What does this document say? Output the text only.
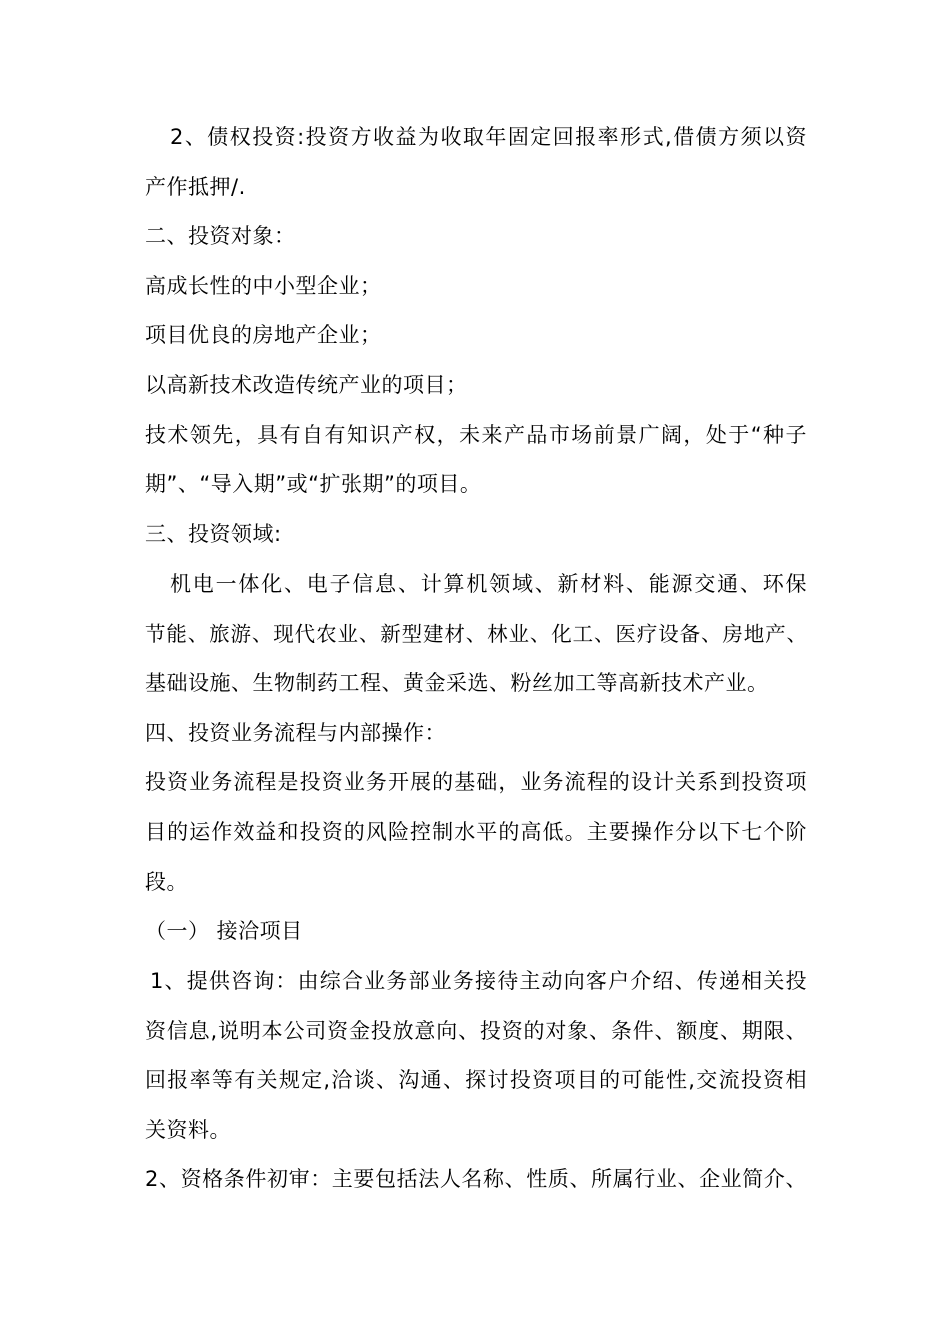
2、债权投资:投资方收益为收取年固定回报率形式,借债方须以资
产作抵押/.
二、投资对象：
高成长性的中小型企业；
项目优良的房地产企业；
以高新技术改造传统产业的项目；
技术领先，具有自有知识产权，未来产品市场前景广阔，处于“种子
期”、“导入期”或“扩张期”的项目。
三、投资领域:
机电一体化、电子信息、计算机领域、新材料、能源交通、环保
节能、旅游、现代农业、新型建材、林业、化工、医疗设备、房地产、
基础设施、生物制药工程、黄金采选、粉丝加工等高新技术产业。
四、投资业务流程与内部操作：
投资业务流程是投资业务开展的基础，业务流程的设计关系到投资项
目的运作效益和投资的风险控制水平的高低。主要操作分以下七个阶
段。
（一） 接洽项目
1、提供咨询：由综合业务部业务接待主动向客户介绍、传递相关投
资信息,说明本公司资金投放意向、投资的对象、条件、额度、期限、
回报率等有关规定,洽谈、沟通、探讨投资项目的可能性,交流投资相
关资料。
2、资格条件初审：主要包括法人名称、性质、所属行业、企业简介、
